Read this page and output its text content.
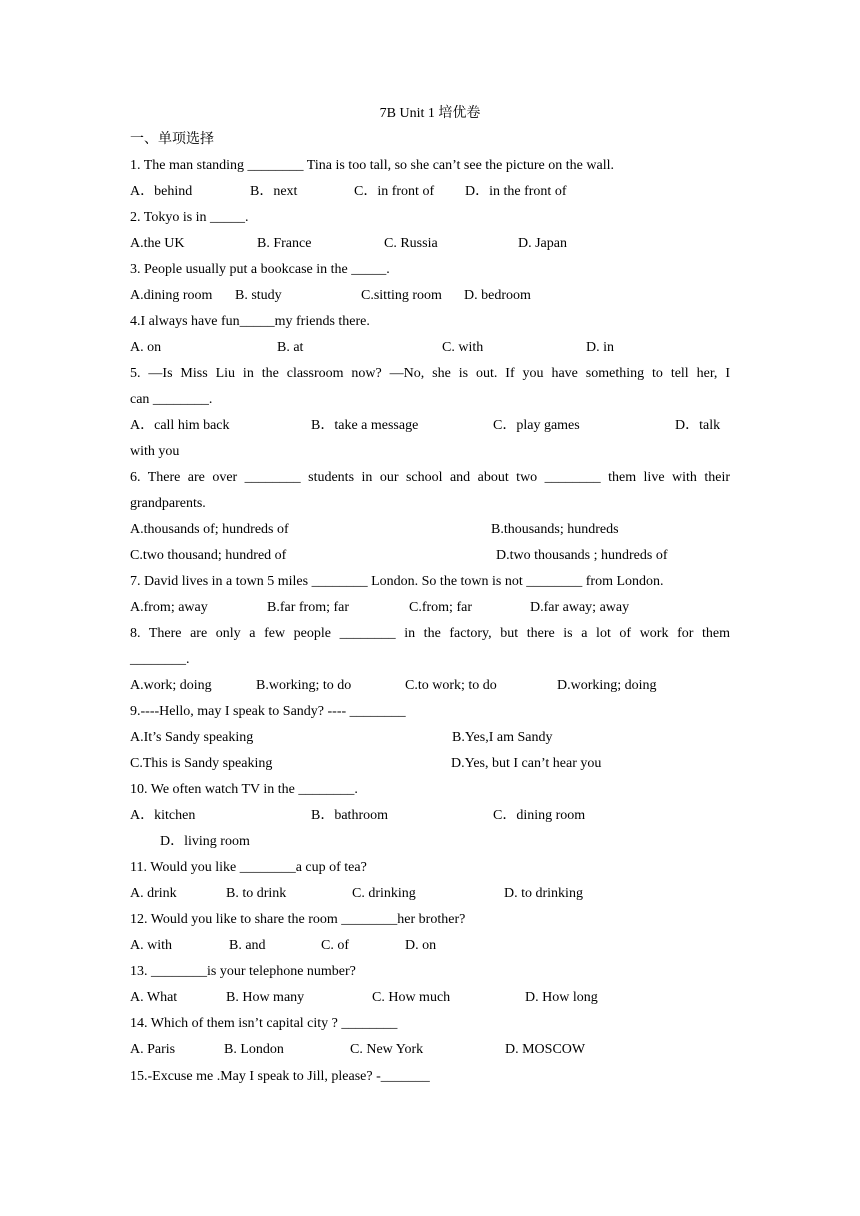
7B Unit 1 培优卷
一、单项选择
1. The man standing ________ Tina is too tall, so she can’t see the picture on the wall.
A．behind	B．next	C．in front of D．in the front of
2. Tokyo is in _____.
A.the UK	B. France	C. Russia	D. Japan
3. People usually put a bookcase in the _____.
A.dining room B. study	C.sitting room D. bedroom
4.I always have fun_____my friends there.
A. on	B. at	C. with	D. in
5. —Is Miss Liu in the classroom now? —No, she is out. If you have something to tell her, I
can ________.
A．call him back	B．take a message	C．play games	D．talk
with you
6. There are over ________ students in our school and about two ________ them live with their
grandparents.
A.thousands of; hundreds of	B.thousands; hundreds
C.two thousand; hundred of	D.two thousands ; hundreds of
7. David lives in a town 5 miles ________ London. So the town is not ________ from London.
A.from; away	B.far from; far	C.from; far	D.far away; away
8. There are only a few people ________ in the factory, but there is a lot of work for them
________.
A.work; doing	B.working; to do	C.to work; to do	D.working; doing
9.----Hello, may I speak to Sandy? ---- ________
A.It’s Sandy speaking	B.Yes,I am Sandy
C.This is Sandy speaking	D.Yes, but I can’t hear you
10. We often watch TV in the ________.
A．kitchen	B．bathroom	C．dining room
D．living room
11. Would you like ________a cup of tea?
A. drink	B. to drink	C. drinking	D. to drinking
12. Would you like to share the room ________her brother?
A. with	B. and	C. of	D. on
13. ________is your telephone number?
A. What	B. How many	C. How much	D. How long
14. Which of them isn’t capital city ? ________
A. Paris	B. London	C. New York	D. MOSCOW
15.-Excuse me .May I speak to Jill, please? -_______
